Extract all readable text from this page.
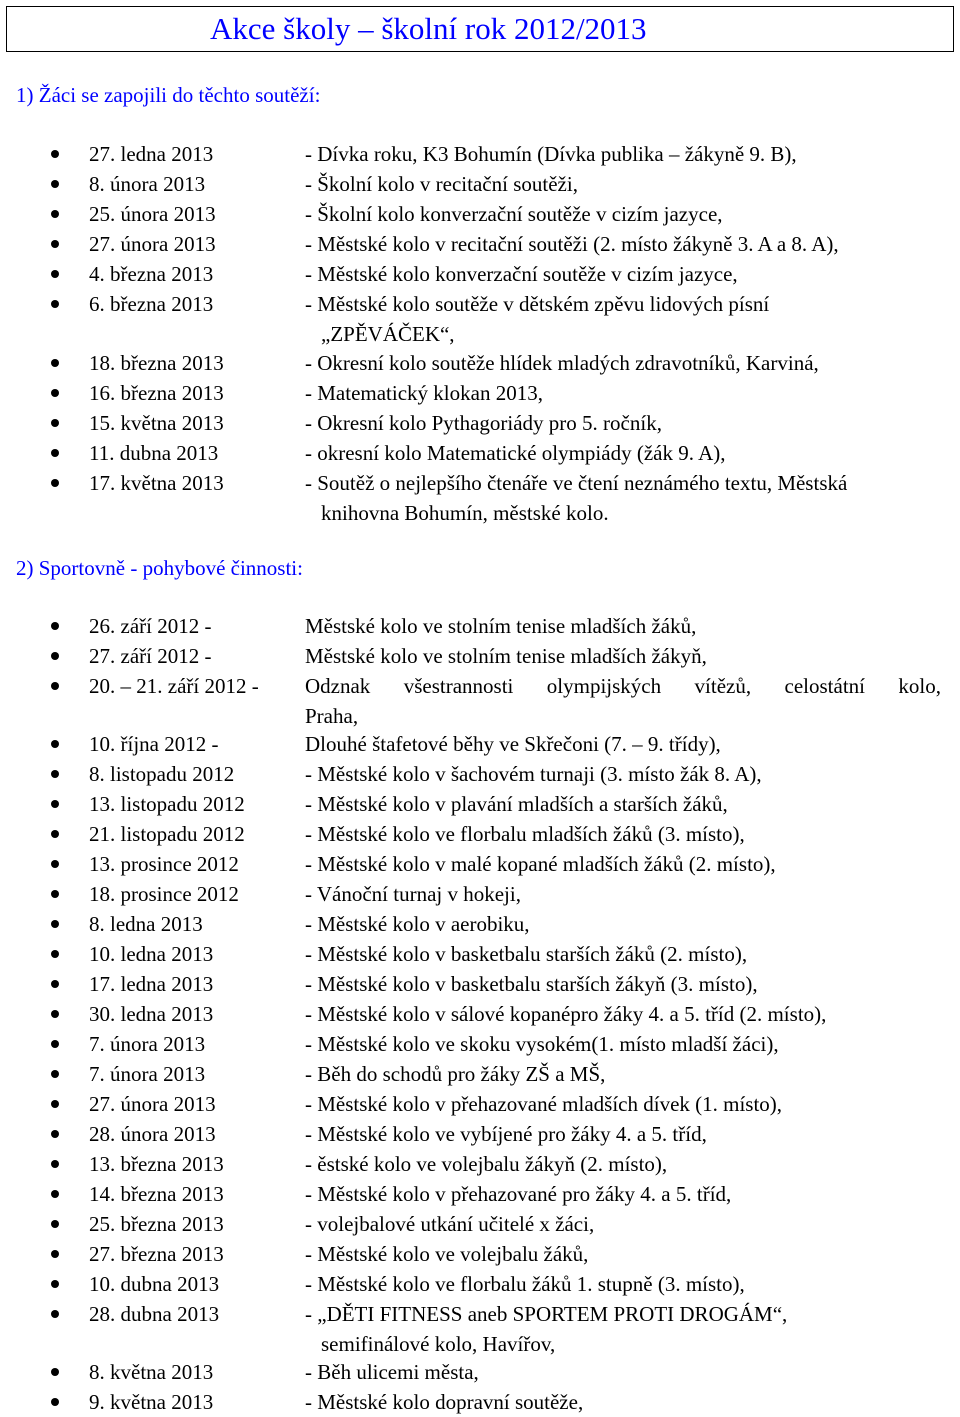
Akce školy – školní rok 2012/2013
1) Žáci se zapojili do těchto soutěží:
27. ledna 2013	- Dívka roku, K3 Bohumín (Dívka publika – žákyně 9. B),
8. února 2013	- Školní kolo v recitační soutěži,
25. února 2013	- Školní kolo konverzační soutěže v cizím jazyce,
27. února 2013	- Městské kolo v recitační soutěži (2. místo žákyně 3. A a 8. A),
4. března 2013	- Městské kolo konverzační soutěže v cizím jazyce,
6. března 2013	- Městské kolo soutěže v dětském zpěvu lidových písní
„ZPĚVÁČEK“,
18. března 2013	- Okresní kolo soutěže hlídek mladých zdravotníků, Karviná,
16. března 2013	- Matematický klokan 2013,
15. května 2013	- Okresní kolo Pythagoriády pro 5. ročník,
11. dubna 2013	- okresní kolo Matematické olympiády (žák 9. A),
17. května 2013	- Soutěž o nejlepšího čtenáře ve čtení neznámého textu, Městská
knihovna Bohumín, městské kolo.
2) Sportovně - pohybové činnosti:
26. září 2012 -	Městské kolo ve stolním tenise mladších žáků,
27. září 2012 -	Městské kolo ve stolním tenise mladších žákyň,
20. – 21. září 2012 - Odznak všestrannosti olympijských vítězů, celostátní kolo,
Praha,
10. října 2012 -	Dlouhé štafetové běhy ve Skřečoni (7. – 9. třídy),
8. listopadu 2012	- Městské kolo v šachovém turnaji (3. místo žák 8. A),
13. listopadu 2012	- Městské kolo v plavání mladších a starších žáků,
21. listopadu 2012	- Městské kolo ve florbalu mladších žáků (3. místo),
13. prosince 2012	- Městské kolo v malé kopané mladších žáků (2. místo),
18. prosince 2012	- Vánoční turnaj v hokeji,
8. ledna 2013	- Městské kolo v aerobiku,
10. ledna 2013	- Městské kolo v basketbalu starších žáků (2. místo),
17. ledna 2013	- Městské kolo v basketbalu starších žákyň (3. místo),
30. ledna 2013	- Městské kolo v sálové kopanépro žáky 4. a 5. tříd (2. místo),
7. února 2013	- Městské kolo ve skoku vysokém(1. místo mladší žáci),
7. února 2013	- Běh do schodů pro žáky ZŠ a MŠ,
27. února 2013	- Městské kolo v přehazované mladších dívek (1. místo),
28. února 2013	- Městské kolo ve vybíjené pro žáky 4. a 5. tříd,
13. března 2013	- ěstské kolo ve volejbalu žákyň (2. místo),
14. března 2013	- Městské kolo v přehazované pro žáky 4. a 5. tříd,
25. března 2013	- volejbalové utkání učitelé x žáci,
27. března 2013	- Městské kolo ve volejbalu žáků,
10. dubna 2013	- Městské kolo ve florbalu žáků 1. stupně (3. místo),
28. dubna 2013	- „DĚTI FITNESS aneb SPORTEM PROTI DROGÁM“,
semifinálové kolo, Havířov,
8. května 2013	- Běh ulicemi města,
9. května 2013	- Městské kolo dopravní soutěže,
